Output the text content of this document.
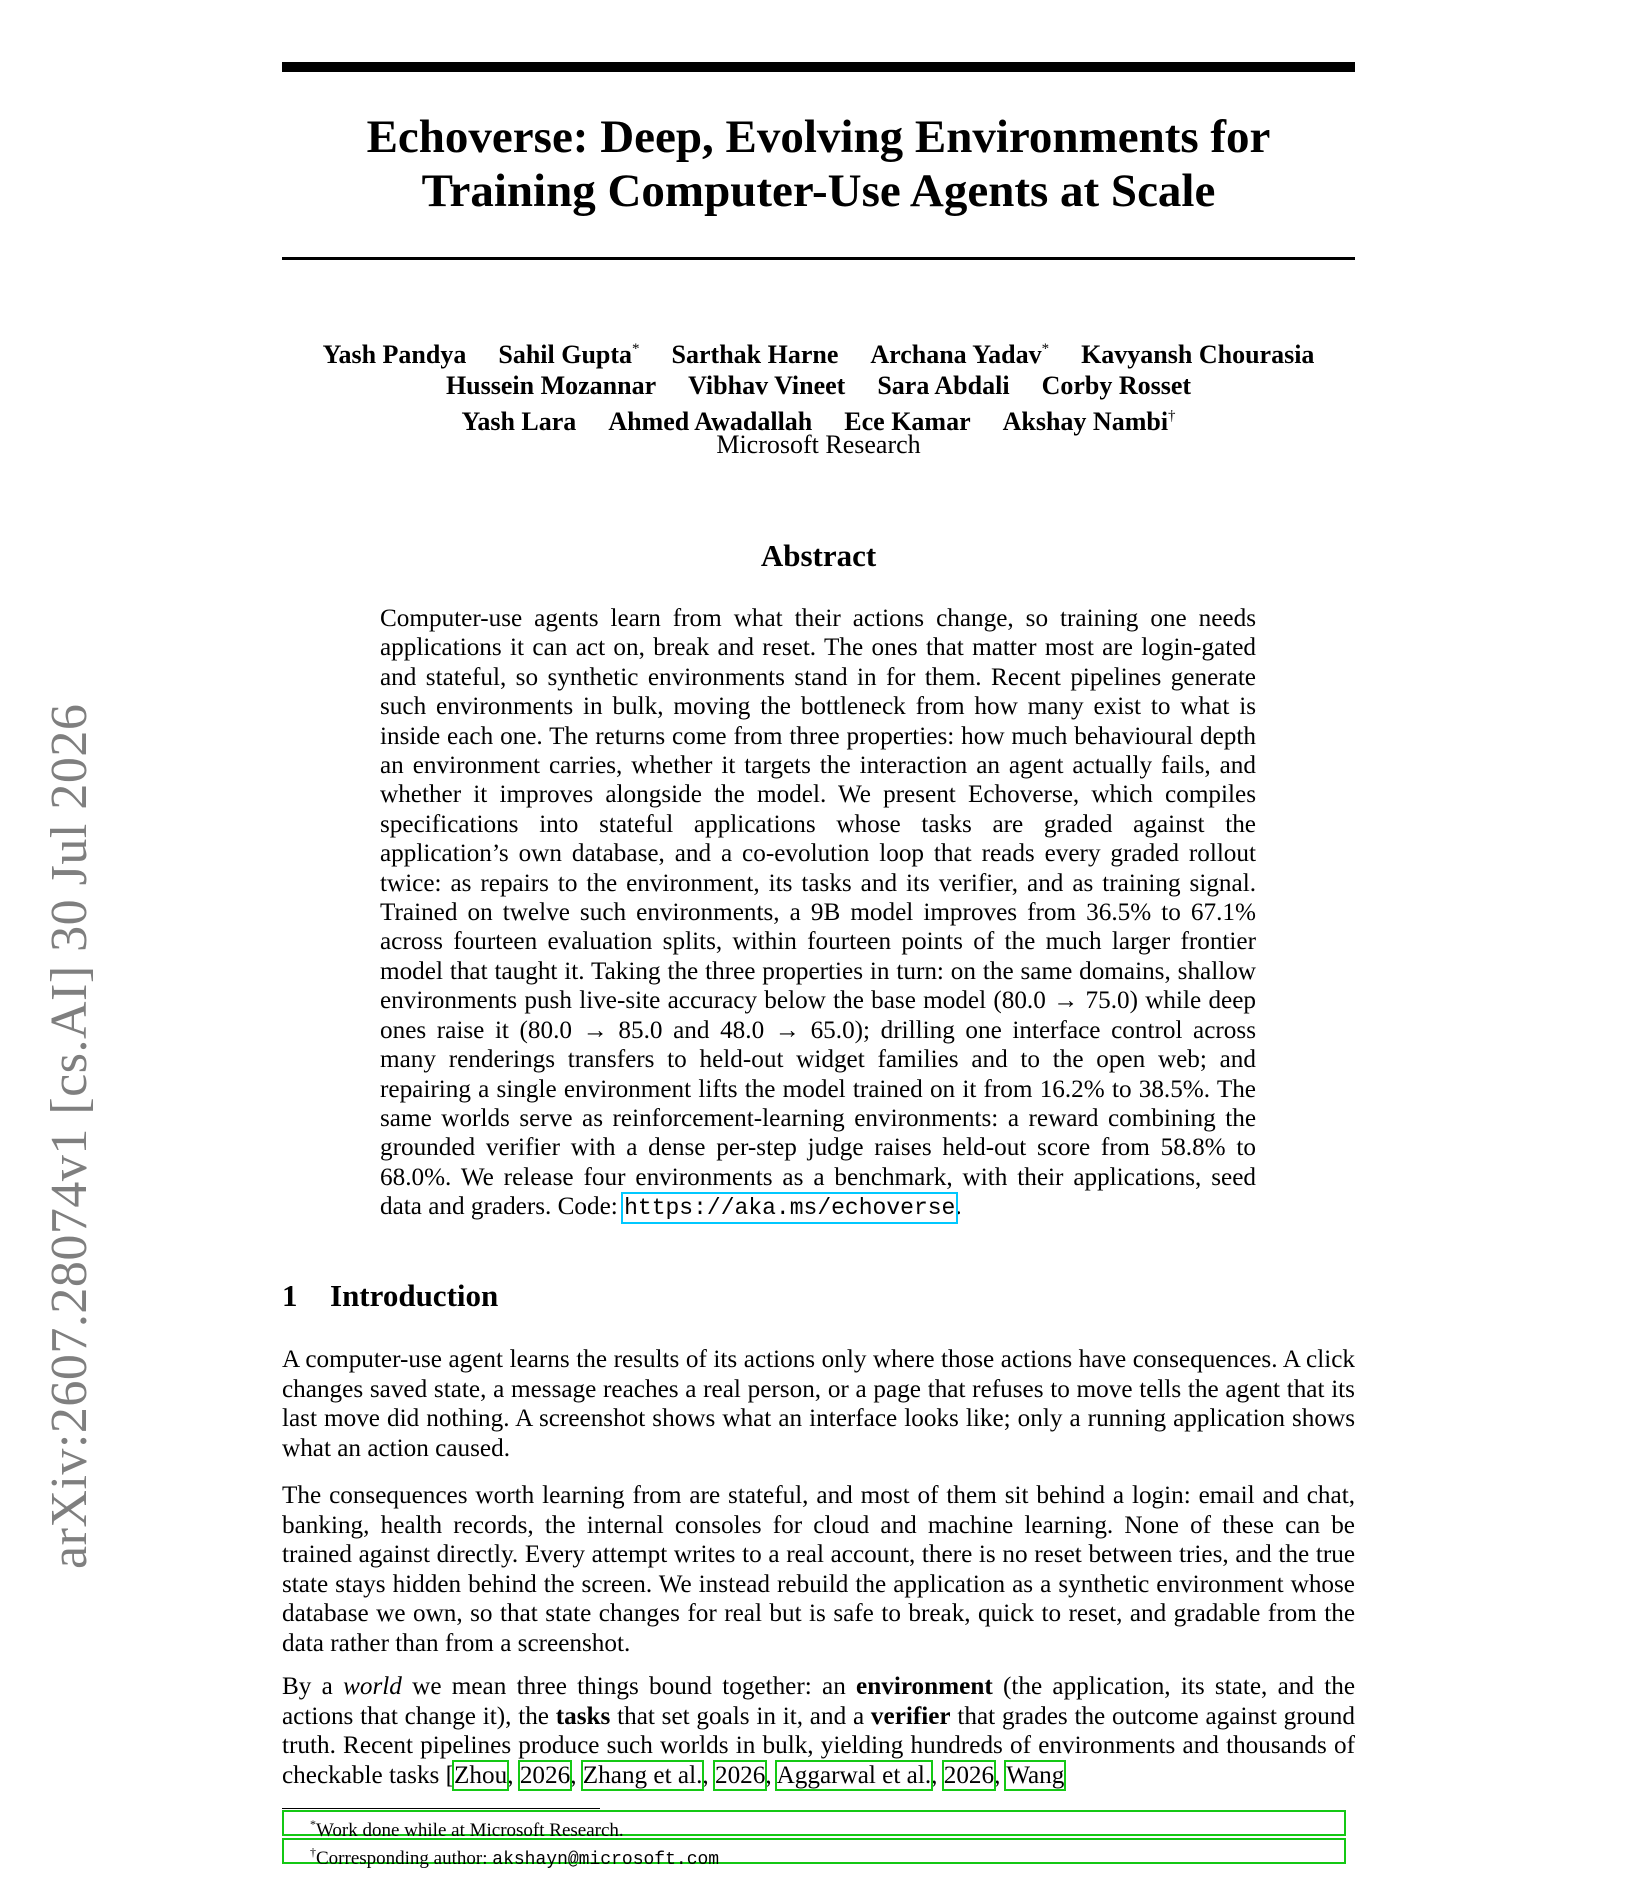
arXiv:2607.28074v1 [cs.AI] 30 Jul 2026
Echoverse: Deep, Evolving Environments for
Training Computer-Use Agents at Scale
Yash Pandya Sahil Gupta* Sarthak Harne Archana Yadav* Kavyansh Chourasia
Hussein Mozannar Vibhav Vineet Sara Abdali Corby Rosset
Yash Lara Ahmed Awadallah Ece Kamar Akshay Nambi†
Microsoft Research
Abstract

Computer-use agents learn from what their actions change, so training one needs applications it can act on, break and reset. The ones that matter most are login-gated and stateful, so synthetic environments stand in for them. Recent pipelines generate such environments in bulk, moving the bottleneck from how many exist to what is inside each one. The returns come from three properties: how much behavioural depth an environment carries, whether it targets the interaction an agent actually fails, and whether it improves alongside the model. We present Echoverse, which compiles specifications into stateful applications whose tasks are graded against the application’s own database, and a co-evolution loop that reads every graded rollout twice: as repairs to the environment, its tasks and its verifier, and as training signal. Trained on twelve such environments, a 9B model improves from 36.5% to 67.1% across fourteen evaluation splits, within fourteen points of the much larger frontier model that taught it. Taking the three properties in turn: on the same domains, shallow environments push live-site accuracy below the base model (80.0 → 75.0) while deep ones raise it (80.0 → 85.0 and 48.0 → 65.0); drilling one interface control across many renderings transfers to held-out widget families and to the open web; and repairing a single environment lifts the model trained on it from 16.2% to 38.5%. The same worlds serve as reinforcement-learning environments: a reward combining the grounded verifier with a dense per-step judge raises held-out score from 58.8% to 68.0%. We release four environments as a benchmark, with their applications, seed data and graders. Code: https://aka.ms/echoverse.

1 Introduction

A computer-use agent learns the results of its actions only where those actions have consequences. A click changes saved state, a message reaches a real person, or a page that refuses to move tells the agent that its last move did nothing. A screenshot shows what an interface looks like; only a running application shows what an action caused.

The consequences worth learning from are stateful, and most of them sit behind a login: email and chat, banking, health records, the internal consoles for cloud and machine learning. None of these can be trained against directly. Every attempt writes to a real account, there is no reset between tries, and the true state stays hidden behind the screen. We instead rebuild the application as a synthetic environment whose database we own, so that state changes for real but is safe to break, quick to reset, and gradable from the data rather than from a screenshot.

By a world we mean three things bound together: an environment (the application, its state, and the actions that change it), the tasks that set goals in it, and a verifier that grades the outcome against ground truth. Recent pipelines produce such worlds in bulk, yielding hundreds of environments and thousands of checkable tasks [Zhou, 2026, Zhang et al., 2026, Aggarwal et al., 2026, Wang

*Work done while at Microsoft Research.
†Corresponding author: akshayn@microsoft.com
